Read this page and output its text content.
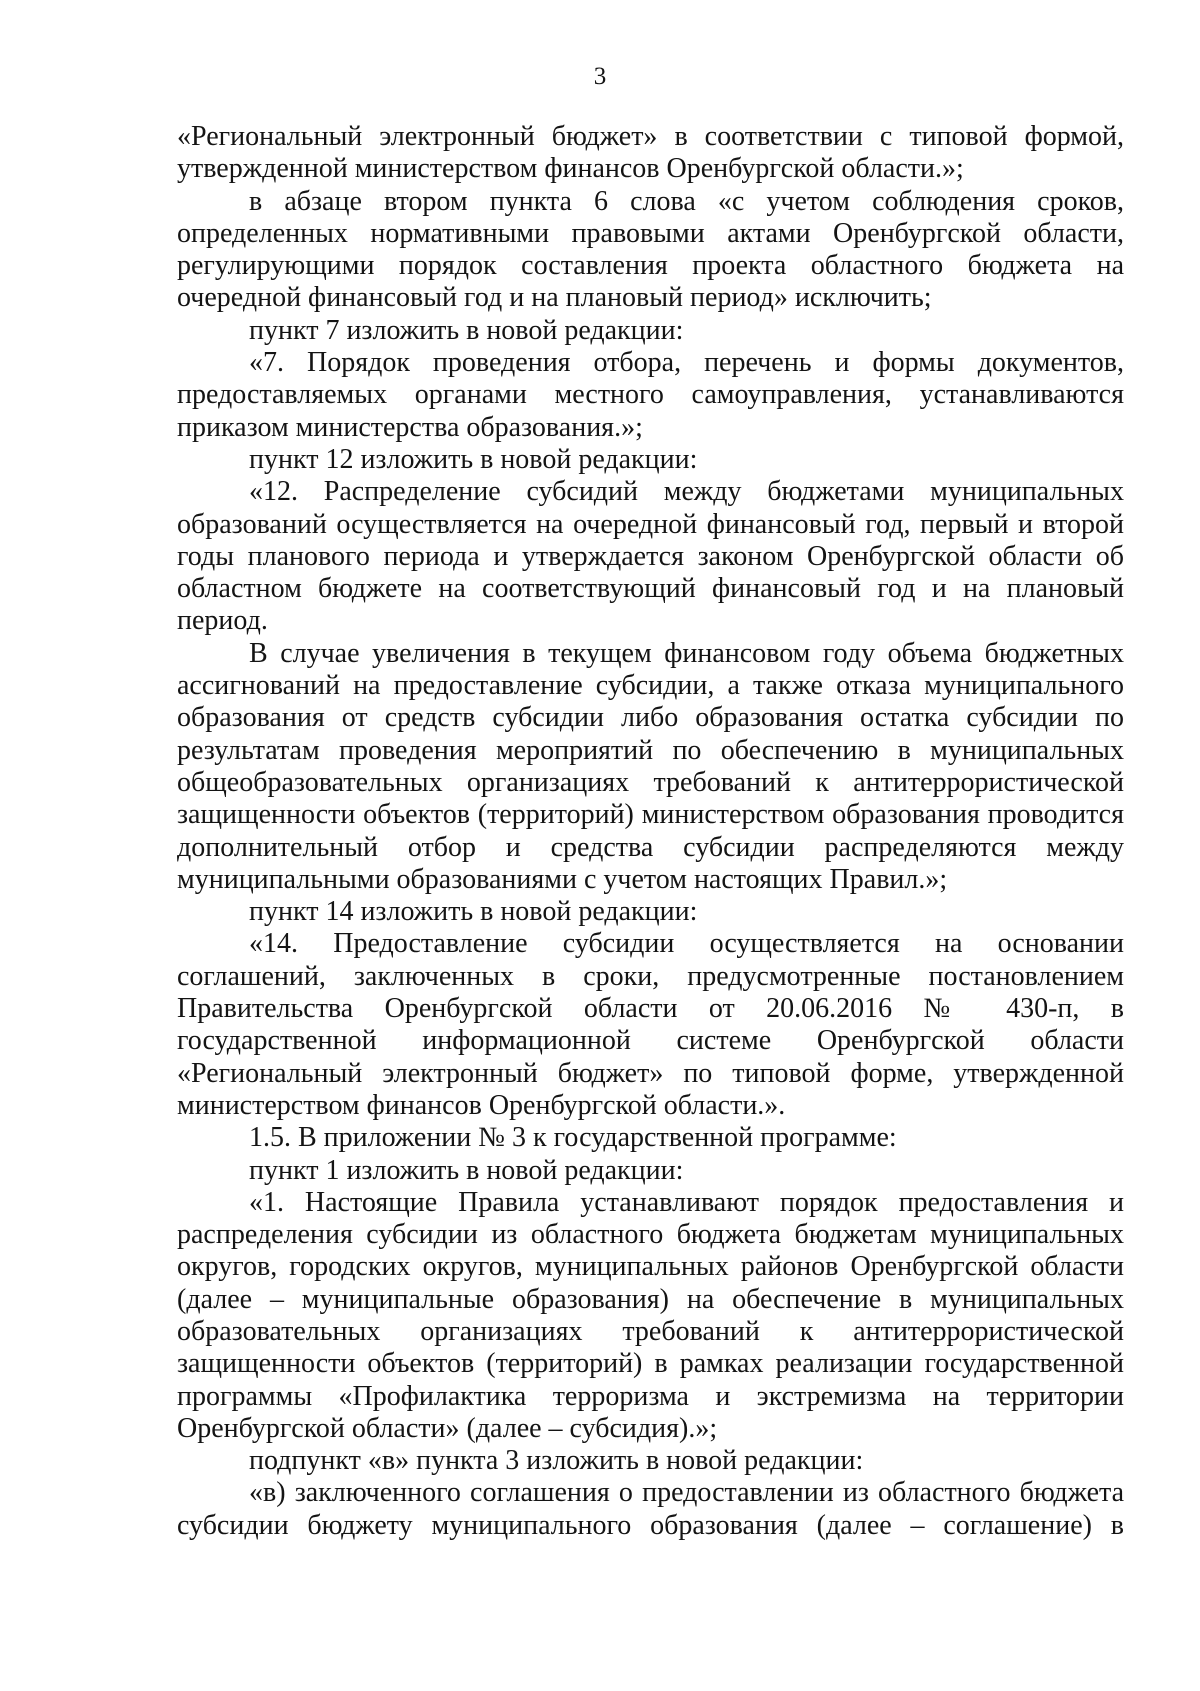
3

«Региональный электронный бюджет» в соответствии с типовой формой, утвержденной министерством финансов Оренбургской области.»;

в абзаце втором пункта 6 слова «с учетом соблюдения сроков, определенных нормативными правовыми актами Оренбургской области, регулирующими порядок составления проекта областного бюджета на очередной финансовый год и на плановый период» исключить;

пункт 7 изложить в новой редакции:

«7. Порядок проведения отбора, перечень и формы документов, предоставляемых органами местного самоуправления, устанавливаются приказом министерства образования.»;

пункт 12 изложить в новой редакции:

«12. Распределение субсидий между бюджетами муниципальных образований осуществляется на очередной финансовый год, первый и второй годы планового периода и утверждается законом Оренбургской области об областном бюджете на соответствующий финансовый год и на плановый период.

В случае увеличения в текущем финансовом году объема бюджетных ассигнований на предоставление субсидии, а также отказа муниципального образования от средств субсидии либо образования остатка субсидии по результатам проведения мероприятий по обеспечению в муниципальных общеобразовательных организациях требований к антитеррористической защищенности объектов (территорий) министерством образования проводится дополнительный отбор и средства субсидии распределяются между муниципальными образованиями с учетом настоящих Правил.»;

пункт 14 изложить в новой редакции:

«14. Предоставление субсидии осуществляется на основании соглашений, заключенных в сроки, предусмотренные постановлением Правительства Оренбургской области от 20.06.2016 № 430-п, в государственной информационной системе Оренбургской области «Региональный электронный бюджет» по типовой форме, утвержденной министерством финансов Оренбургской области.».

1.5. В приложении № 3 к государственной программе:

пункт 1 изложить в новой редакции:

«1. Настоящие Правила устанавливают порядок предоставления и распределения субсидии из областного бюджета бюджетам муниципальных округов, городских округов, муниципальных районов Оренбургской области (далее – муниципальные образования) на обеспечение в муниципальных образовательных организациях требований к антитеррористической защищенности объектов (территорий) в рамках реализации государственной программы «Профилактика терроризма и экстремизма на территории Оренбургской области» (далее – субсидия).»;

подпункт «в» пункта 3 изложить в новой редакции:

«в) заключенного соглашения о предоставлении из областного бюджета субсидии бюджету муниципального образования (далее – соглашение) в
